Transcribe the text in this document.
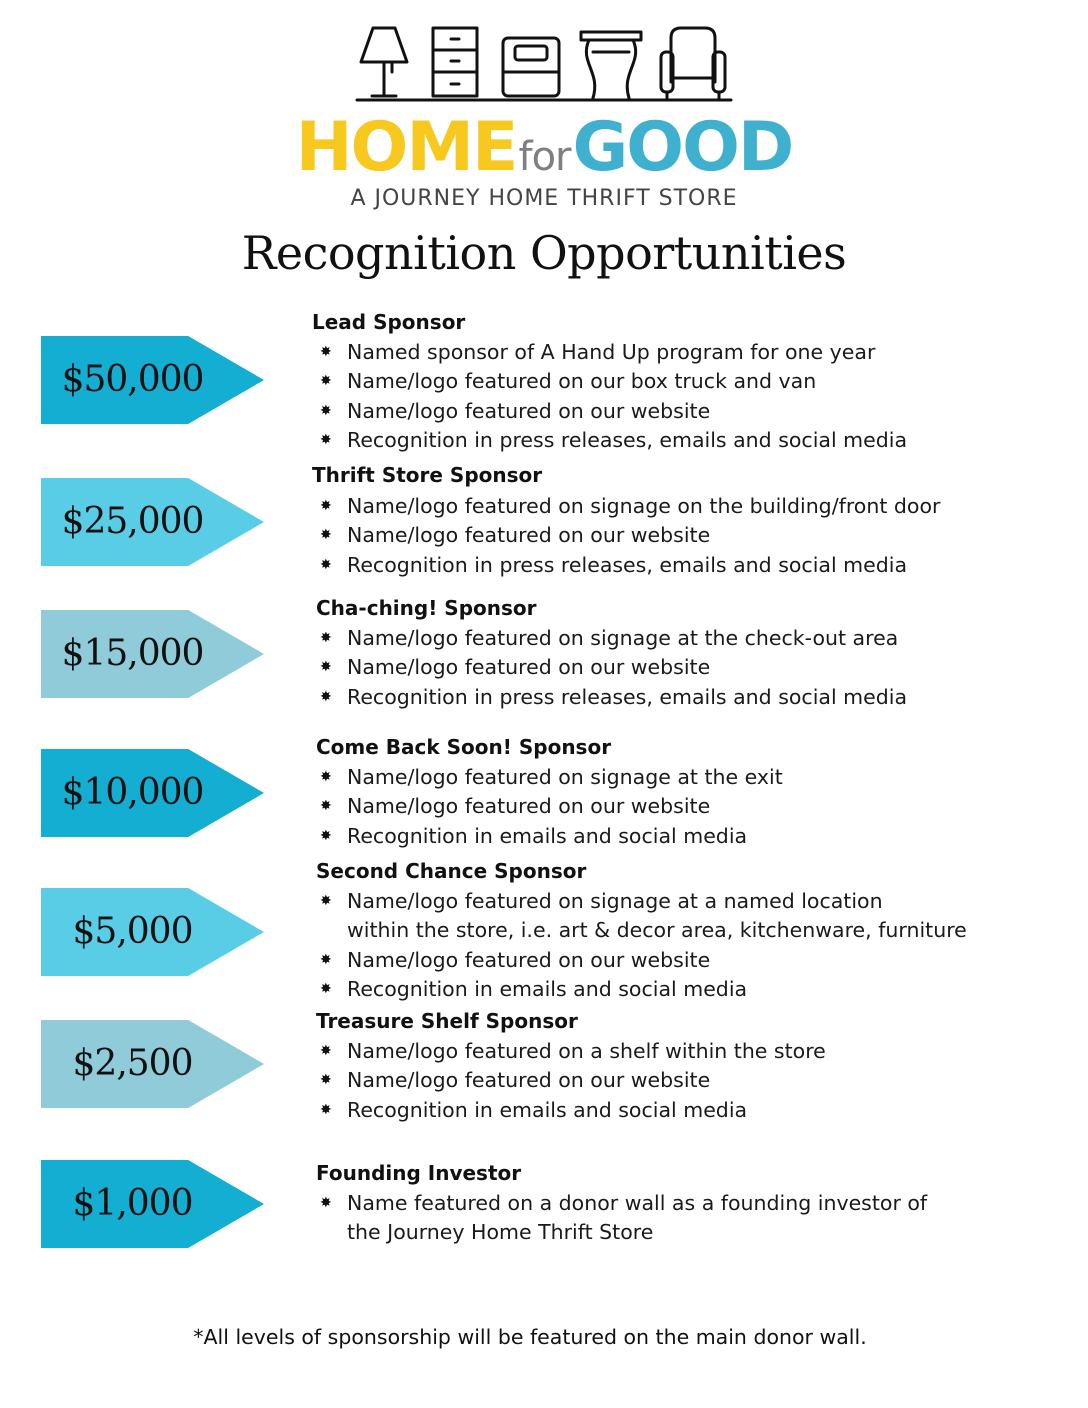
HOMEforGOOD
A JOURNEY HOME THRIFT STORE
Recognition Opportunities
$50,000
Lead Sponsor
✸ Named sponsor of A Hand Up program for one year
✸ Name/logo featured on our box truck and van
✸ Name/logo featured on our website
✸ Recognition in press releases, emails and social media
$25,000
Thrift Store Sponsor
✸ Name/logo featured on signage on the building/front door
✸ Name/logo featured on our website
✸ Recognition in press releases, emails and social media
$15,000
Cha-ching! Sponsor
✸ Name/logo featured on signage at the check-out area
✸ Name/logo featured on our website
✸ Recognition in press releases, emails and social media
$10,000
Come Back Soon! Sponsor
✸ Name/logo featured on signage at the exit
✸ Name/logo featured on our website
✸ Recognition in emails and social media
$5,000
Second Chance Sponsor
✸ Name/logo featured on signage at a named location
within the store, i.e. art & decor area, kitchenware, furniture
✸ Name/logo featured on our website
✸ Recognition in emails and social media
$2,500
Treasure Shelf Sponsor
✸ Name/logo featured on a shelf within the store
✸ Name/logo featured on our website
✸ Recognition in emails and social media
$1,000
Founding Investor
✸ Name featured on a donor wall as a founding investor of
the Journey Home Thrift Store
*All levels of sponsorship will be featured on the main donor wall.
